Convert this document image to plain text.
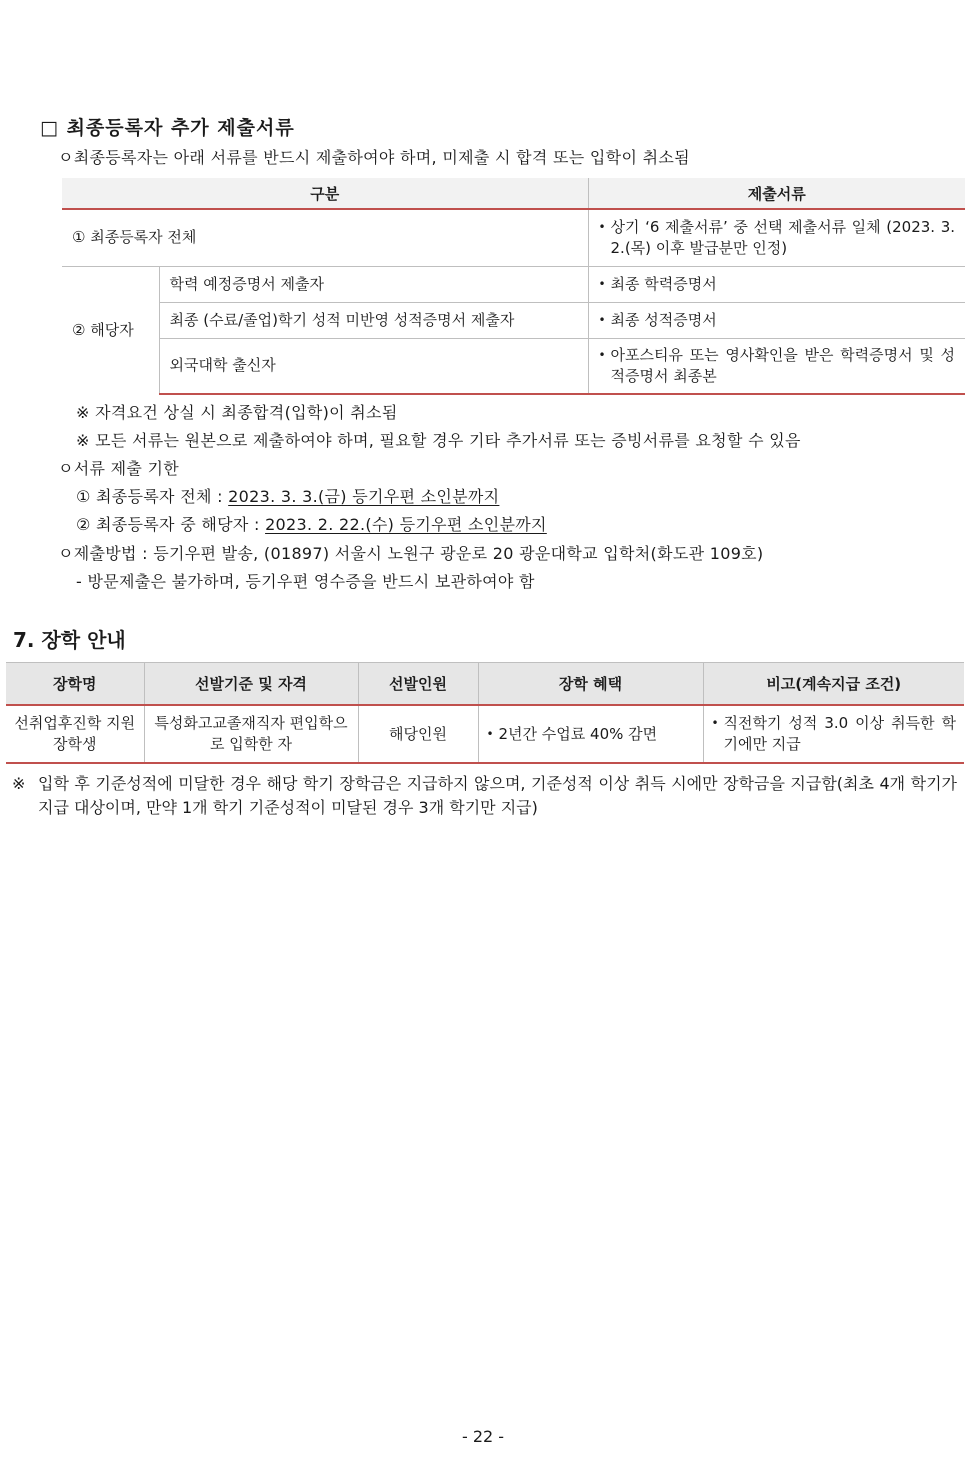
□ 최종등록자 추가 제출서류
ㅇ최종등록자는 아래 서류를 반드시 제출하여야 하며, 미제출 시 합격 또는 입학이 취소됨
구분		제출서류
① 최종등록자 전체		• 상기 ‘6 제출서류’ 중 선택 제출서류 일체 (2023. 3. 2.(목) 이후 발급분만 인정)

② 해당자	학력 예정증명서 제출자	• 최종 학력증명서

	최종 (수료/졸업)학기 성적 미반영 성적증명서 제출자	• 최종 성적증명서

	외국대학 출신자	• 아포스티유 또는 영사확인을 받은 학력증명서 및 성적증명서 최종본
※ 자격요건 상실 시 최종합격(입학)이 취소됨
※ 모든 서류는 원본으로 제출하여야 하며, 필요할 경우 기타 추가서류 또는 증빙서류를 요청할 수 있음
ㅇ서류 제출 기한
① 최종등록자 전체 : 2023. 3. 3.(금) 등기우편 소인분까지
② 최종등록자 중 해당자 : 2023. 2. 22.(수) 등기우편 소인분까지
ㅇ제출방법 : 등기우편 발송, (01897) 서울시 노원구 광운로 20 광운대학교 입학처(화도관 109호)
- 방문제출은 불가하며, 등기우편 영수증을 반드시 보관하여야 함
7. 장학 안내
장학명	선발기준 및 자격	선발인원	장학 혜택	비고(계속지급 조건)
선취업후진학 지원 장학생	특성화고교졸재직자 편입학으로 입학한 자	해당인원	• 2년간 수업료 40% 감면	• 직전학기 성적 3.0 이상 취득한 학기에만 지급
※ 입학 후 기준성적에 미달한 경우 해당 학기 장학금은 지급하지 않으며, 기준성적 이상 취득 시에만 장학금을 지급함(최초 4개 학기가 지급 대상이며, 만약 1개 학기 기준성적이 미달된 경우 3개 학기만 지급)
- 22 -
